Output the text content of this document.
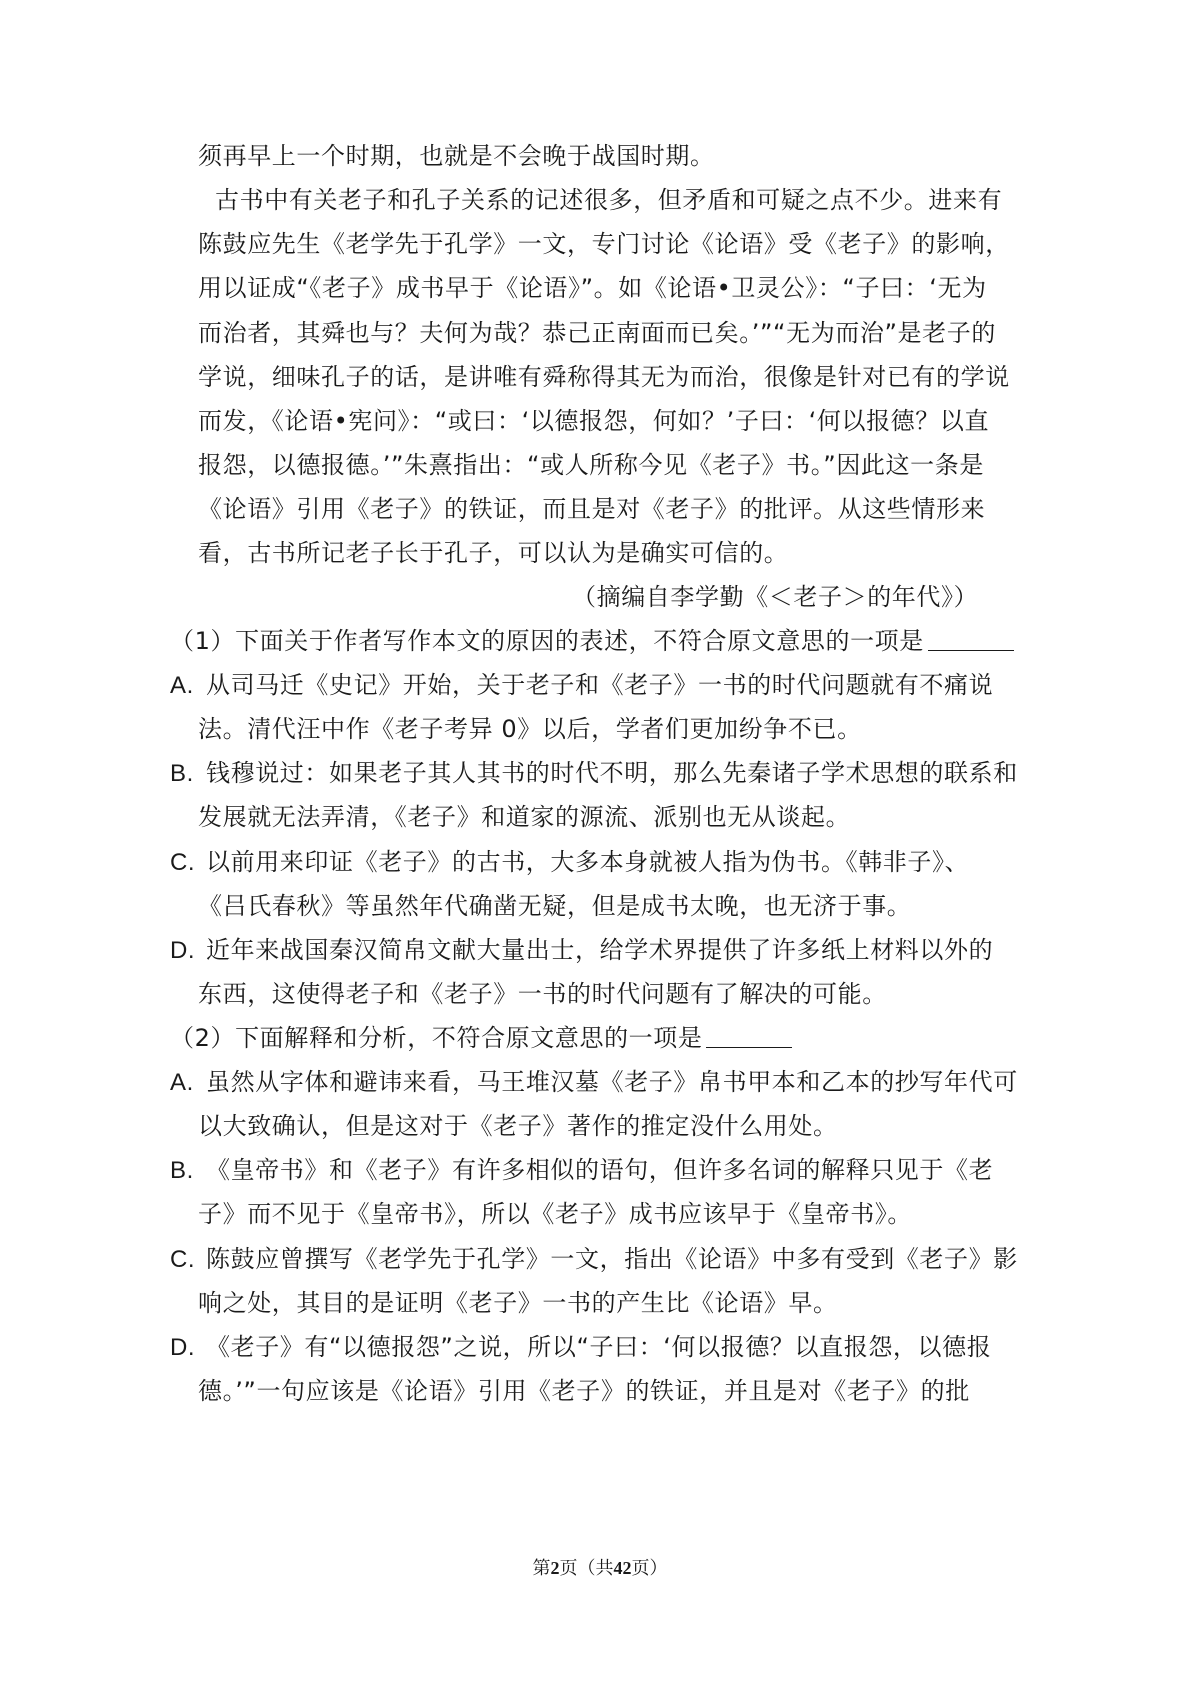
须再早上一个时期，也就是不会晚于战国时期。
古书中有关老子和孔子关系的记述很多，但矛盾和可疑之点不少。进来有
陈鼓应先生《老学先于孔学》一文，专门讨论《论语》受《老子》的影响，
用以证成“《老子》成书早于《论语》”。如《论语•卫灵公》：“子曰：‘无为
而治者，其舜也与？夫何为哉？恭己正南面而已矣。’”“无为而治”是老子的
学说，细味孔子的话，是讲唯有舜称得其无为而治，很像是针对已有的学说
而发，《论语•宪问》：“或曰：‘以德报怨，何如？’子曰：‘何以报德？以直
报怨，以德报德。’”朱熹指出：“或人所称今见《老子》书。”因此这一条是
《论语》引用《老子》的铁证，而且是对《老子》的批评。从这些情形来
看，古书所记老子长于孔子，可以认为是确实可信的。
（摘编自李学勤《＜老子＞的年代》）
（1）下面关于作者写作本文的原因的表述，不符合原文意思的一项是
A. 从司马迁《史记》开始，关于老子和《老子》一书的时代问题就有不痛说
法。清代汪中作《老子考异 0》以后，学者们更加纷争不已。
B. 钱穆说过：如果老子其人其书的时代不明，那么先秦诸子学术思想的联系和
发展就无法弄清，《老子》和道家的源流、派别也无从谈起。
C. 以前用来印证《老子》的古书，大多本身就被人指为伪书。《韩非子》、
《吕氏春秋》等虽然年代确凿无疑，但是成书太晚，也无济于事。
D. 近年来战国秦汉简帛文献大量出士，给学术界提供了许多纸上材料以外的
东西，这使得老子和《老子》一书的时代问题有了解决的可能。
（2）下面解释和分析，不符合原文意思的一项是
A. 虽然从字体和避讳来看，马王堆汉墓《老子》帛书甲本和乙本的抄写年代可
以大致确认，但是这对于《老子》著作的推定没什么用处。
B. 《皇帝书》和《老子》有许多相似的语句，但许多名词的解释只见于《老
子》而不见于《皇帝书》，所以《老子》成书应该早于《皇帝书》。
C. 陈鼓应曾撰写《老学先于孔学》一文，指出《论语》中多有受到《老子》影
响之处，其目的是证明《老子》一书的产生比《论语》早。
D. 《老子》有“以德报怨”之说，所以“子曰：‘何以报德？以直报怨，以德报
德。’”一句应该是《论语》引用《老子》的铁证，并且是对《老子》的批
第2页（共42页）
